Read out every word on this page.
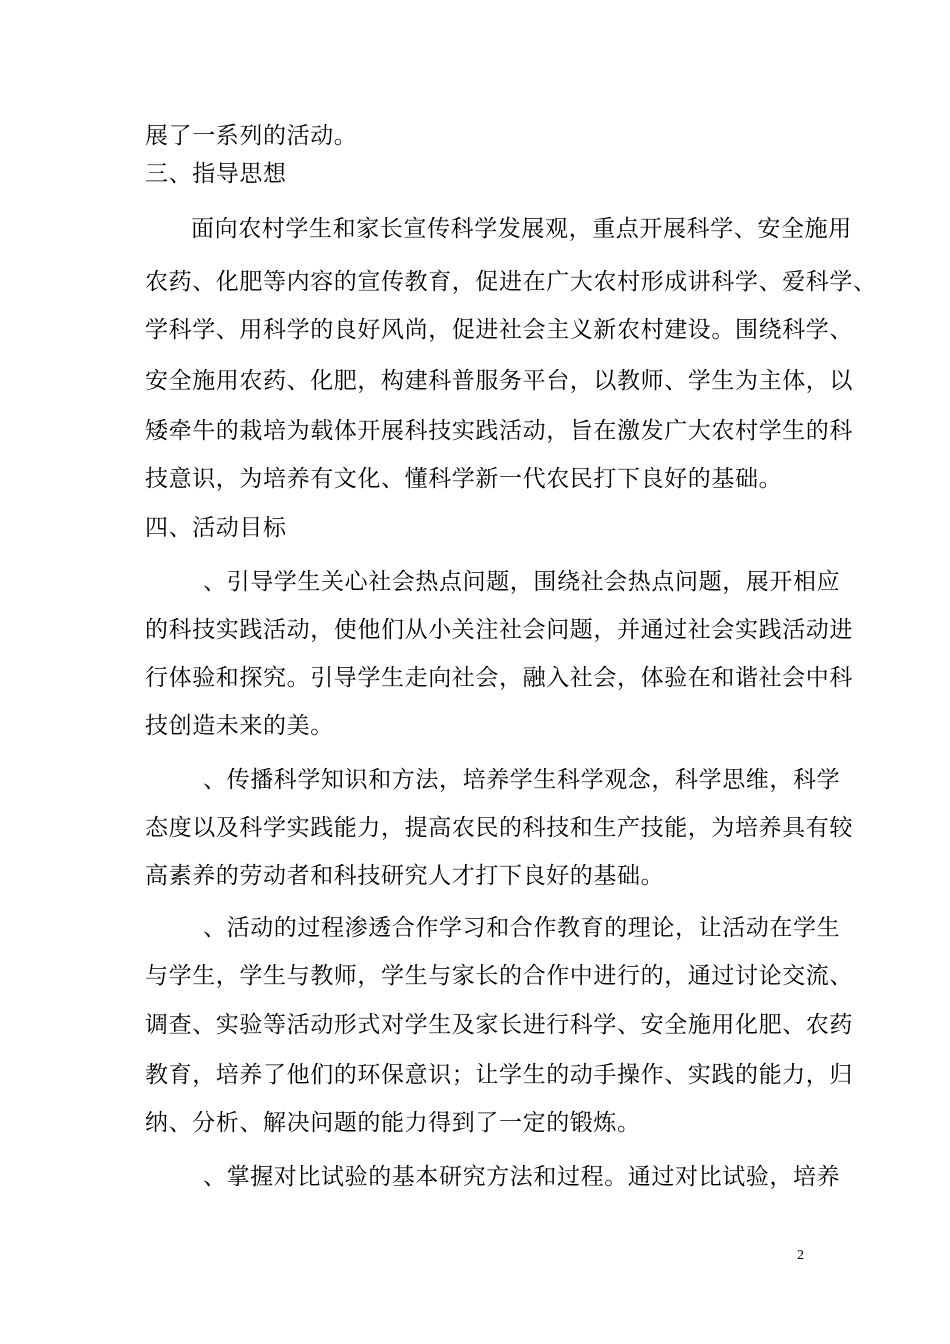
展了一系列的活动。
三、指导思想
面向农村学生和家长宣传科学发展观，重点开展科学、安全施用
农药、化肥等内容的宣传教育，促进在广大农村形成讲科学、爱科学、
学科学、用科学的良好风尚，促进社会主义新农村建设。围绕科学、
安全施用农药、化肥，构建科普服务平台，以教师、学生为主体，以
矮牵牛的栽培为载体开展科技实践活动，旨在激发广大农村学生的科
技意识，为培养有文化、懂科学新一代农民打下良好的基础。
四、活动目标
、引导学生关心社会热点问题，围绕社会热点问题，展开相应
的科技实践活动，使他们从小关注社会问题，并通过社会实践活动进
行体验和探究。引导学生走向社会，融入社会，体验在和谐社会中科
技创造未来的美。
、传播科学知识和方法，培养学生科学观念，科学思维，科学
态度以及科学实践能力，提高农民的科技和生产技能，为培养具有较
高素养的劳动者和科技研究人才打下良好的基础。
、活动的过程渗透合作学习和合作教育的理论，让活动在学生
与学生，学生与教师，学生与家长的合作中进行的，通过讨论交流、
调查、实验等活动形式对学生及家长进行科学、安全施用化肥、农药
教育，培养了他们的环保意识；让学生的动手操作、实践的能力，归
纳、分析、解决问题的能力得到了一定的锻炼。
、掌握对比试验的基本研究方法和过程。通过对比试验，培养
2
